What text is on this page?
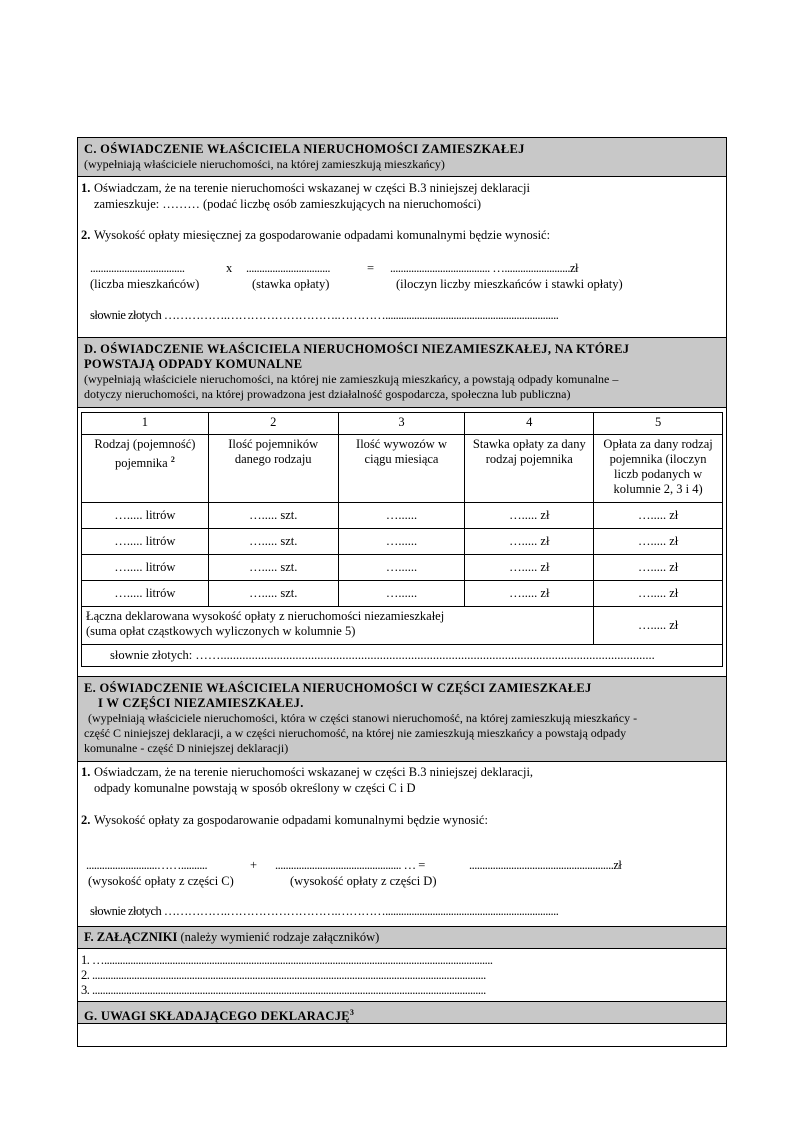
C. OŚWIADCZENIE WŁAŚCICIELA NIERUCHOMOŚCI ZAMIESZKAŁEJ
(wypełniają właściciele nieruchomości, na której zamieszkują mieszkańcy)
1. Oświadczam, że na terenie nieruchomości wskazanej w części B.3 niniejszej deklaracji
zamieszkuje: ……… (podać liczbę osób zamieszkujących na nieruchomości)
2. Wysokość opłaty miesięcznej za gospodarowanie odpadami komunalnymi będzie wynosić:
....................................	x ................................	= ...................................... ….........................zł
(liczba mieszkańców)	(stawka opłaty)	(iloczyn liczby mieszkańców i stawki opłaty)
słownie złotych …………….……………………….…………..................................................................
D. OŚWIADCZENIE WŁAŚCICIELA NIERUCHOMOŚCI NIEZAMIESZKAŁEJ, NA KTÓREJ
POWSTAJĄ ODPADY KOMUNALNE
(wypełniają właściciele nieruchomości, na której nie zamieszkują mieszkańcy, a powstają odpady komunalne –
dotyczy nieruchomości, na której prowadzona jest działalność gospodarcza, społeczna lub publiczna)
1	2	3	4	5
Rodzaj (pojemność) pojemnika $^2$	Ilość pojemników danego rodzaju	Ilość wywozów w ciągu miesiąca	Stawka opłaty za dany rodzaj pojemnika	Opłata za dany rodzaj pojemnika (iloczyn liczb podanych w kolumnie 2, 3 i 4)
…..... litrów	…..... szt.	…......	…..... zł	…..... zł
…..... litrów	…..... szt.	…......	…..... zł	…..... zł
…..... litrów	…..... szt.	…......	…..... zł	…..... zł
…..... litrów	…..... szt.	…......	…..... zł	…..... zł

Łączna deklarowana wysokość opłaty z nieruchomości niezamieszkałej
(suma opłat cząstkowych wyliczonych w kolumnie 5)				…..... zł
słownie złotych: ……...........................................................................................................................................				
E. OŚWIADCZENIE WŁAŚCICIELA NIERUCHOMOŚCI W CZĘŚCI ZAMIESZKAŁEJ
I W CZĘŚCI NIEZAMIESZKAŁEJ.
(wypełniają właściciele nieruchomości, która w części stanowi nieruchomość, na której zamieszkują mieszkańcy -
część C niniejszej deklaracji, a w części nieruchomość, na której nie zamieszkują mieszkańcy a powstają odpady
komunalne - część D niniejszej deklaracji)
1. Oświadczam, że na terenie nieruchomości wskazanej w części B.3 niniejszej deklaracji,
odpady komunalne powstają w sposób określony w części C i D
2. Wysokość opłaty za gospodarowanie odpadami komunalnymi będzie wynosić:
...........................……..........	+ ................................................ … =	.......................................................zł
(wysokość opłaty z części C)	(wysokość opłaty z części D)
słownie złotych …………….……………………….…………..................................................................
F. ZAŁĄCZNIKI (należy wymienić rodzaje załączników)
1. …....................................................................................................................................................
2. ......................................................................................................................................................
3. ......................................................................................................................................................
G. UWAGI SKŁADAJĄCEGO DEKLARACJĘ$^3$
